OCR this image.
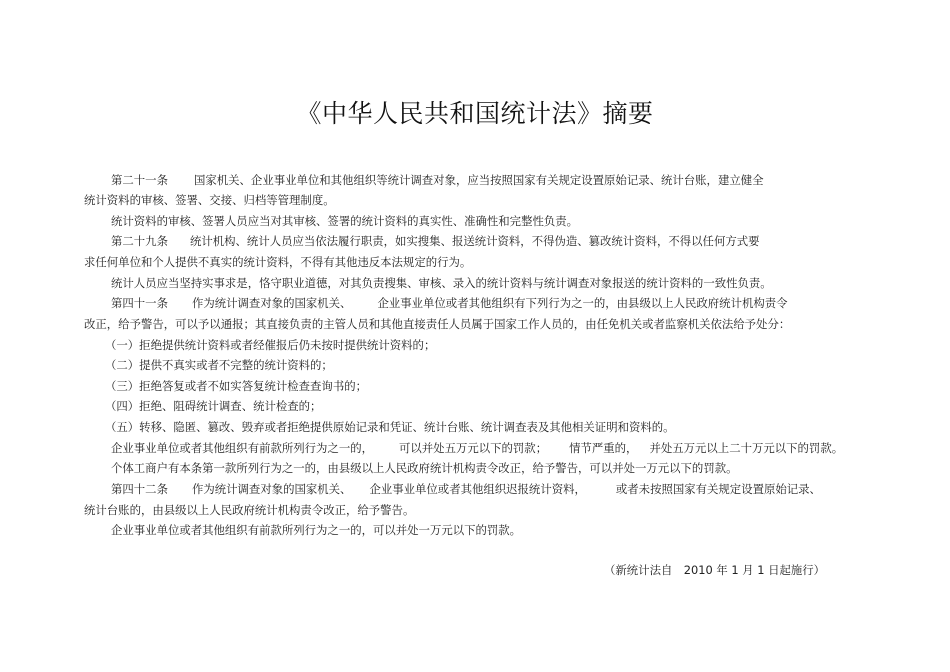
《中华人民共和国统计法》摘要
第二十一条 国家机关、企业事业单位和其他组织等统计调查对象，应当按照国家有关规定设置原始记录、统计台账，建立健全
统计资料的审核、签署、交接、归档等管理制度。
统计资料的审核、签署人员应当对其审核、签署的统计资料的真实性、准确性和完整性负责。
第二十九条 统计机构、统计人员应当依法履行职责，如实搜集、报送统计资料，不得伪造、篡改统计资料，不得以任何方式要
求任何单位和个人提供不真实的统计资料，不得有其他违反本法规定的行为。
统计人员应当坚持实事求是，恪守职业道德，对其负责搜集、审核、录入的统计资料与统计调查对象报送的统计资料的一致性负责。
第四十一条 作为统计调查对象的国家机关、 企业事业单位或者其他组织有下列行为之一的，由县级以上人民政府统计机构责令
改正，给予警告，可以予以通报；其直接负责的主管人员和其他直接责任人员属于国家工作人员的，由任免机关或者监察机关依法给予处分：
（一）拒绝提供统计资料或者经催报后仍未按时提供统计资料的；
（二）提供不真实或者不完整的统计资料的；
（三）拒绝答复或者不如实答复统计检查查询书的；
（四）拒绝、阻碍统计调查、统计检查的；
（五）转移、隐匿、篡改、毁弃或者拒绝提供原始记录和凭证、统计台账、统计调查表及其他相关证明和资料的。
企业事业单位或者其他组织有前款所列行为之一的， 可以并处五万元以下的罚款； 情节严重的， 并处五万元以上二十万元以下的罚款。
个体工商户有本条第一款所列行为之一的，由县级以上人民政府统计机构责令改正，给予警告，可以并处一万元以下的罚款。
第四十二条 作为统计调查对象的国家机关、 企业事业单位或者其他组织迟报统计资料，	或者未按照国家有关规定设置原始记录、
统计台账的，由县级以上人民政府统计机构责令改正，给予警告。
企业事业单位或者其他组织有前款所列行为之一的，可以并处一万元以下的罚款。
（新统计法自　2010 年 1 月 1 日起施行）
